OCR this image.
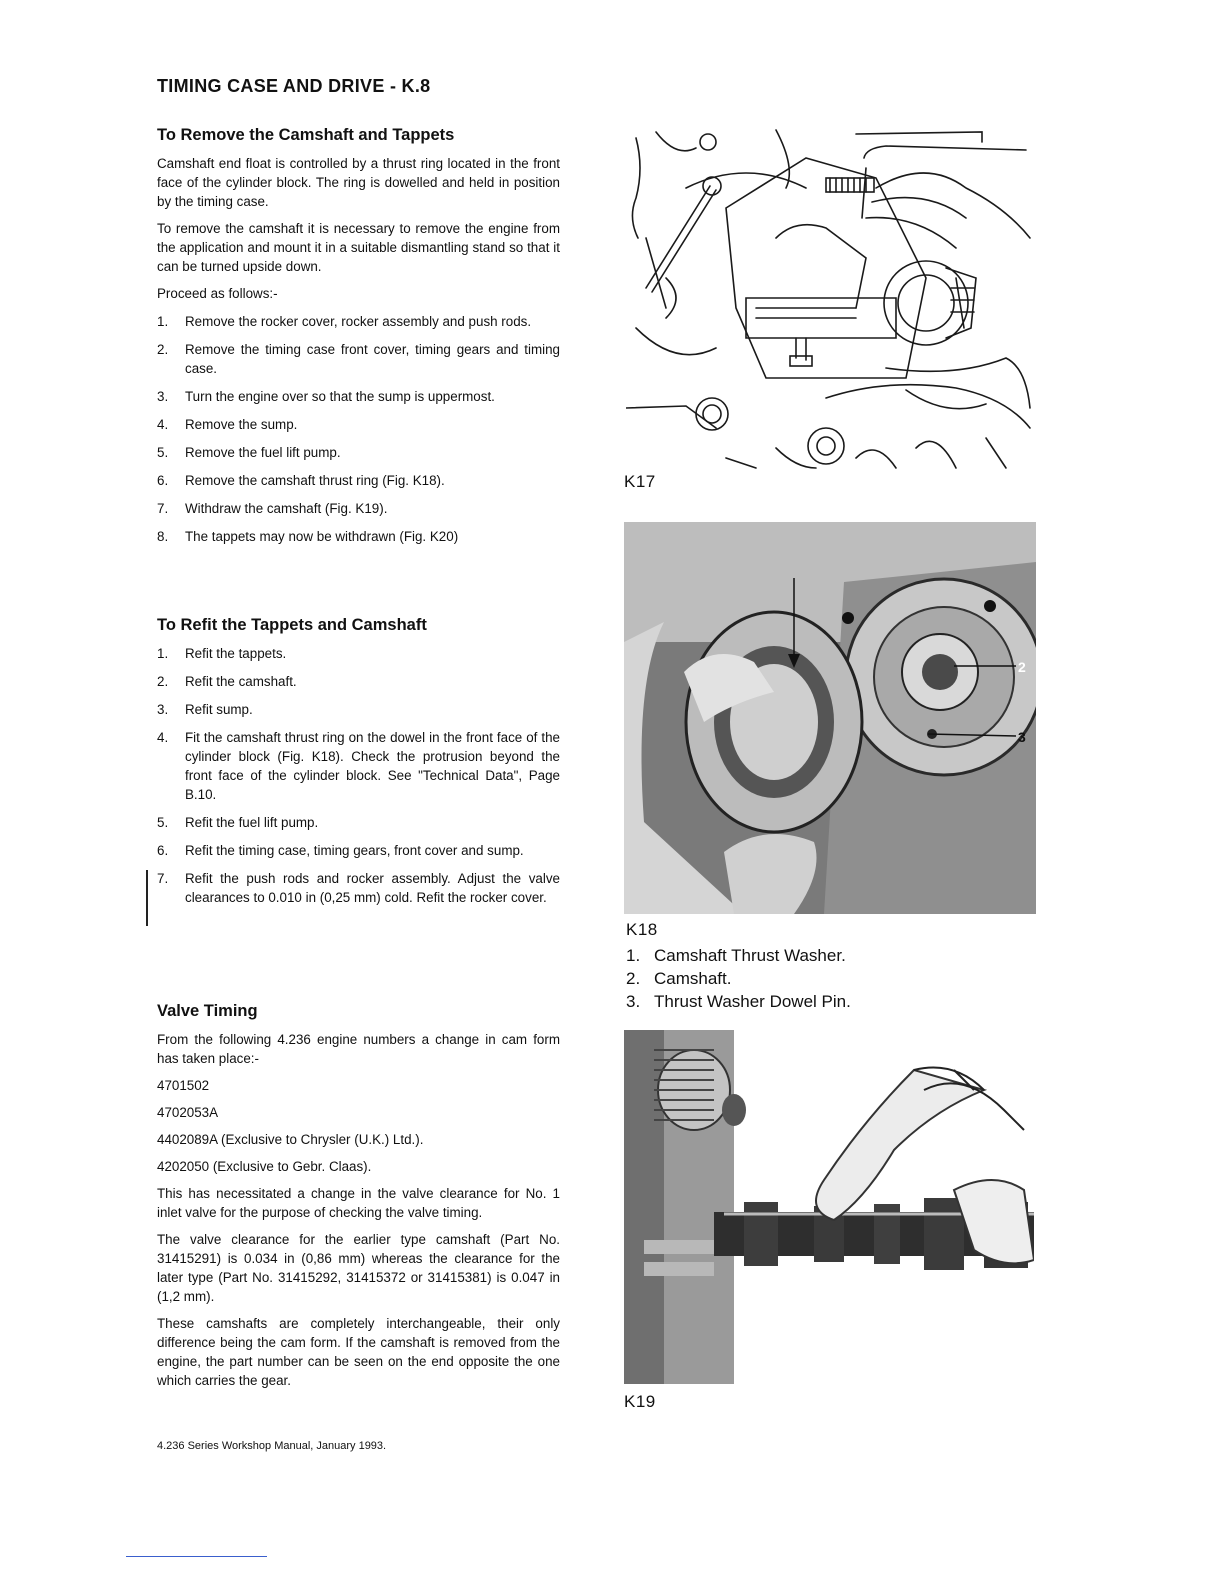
TIMING CASE AND DRIVE - K.8
To Remove the Camshaft and Tappets

Camshaft end float is controlled by a thrust ring located in the front face of the cylinder block. The ring is dowelled and held in position by the timing case.

To remove the camshaft it is necessary to remove the engine from the application and mount it in a suitable dismantling stand so that it can be turned upside down.

Proceed as follows:-

1. Remove the rocker cover, rocker assembly and push rods.
2. Remove the timing case front cover, timing gears and timing case.
3. Turn the engine over so that the sump is uppermost.
4. Remove the sump.
5. Remove the fuel lift pump.
6. Remove the camshaft thrust ring (Fig. K18).
7. Withdraw the camshaft (Fig. K19).
8. The tappets may now be withdrawn (Fig. K20)
To Refit the Tappets and Camshaft
1. Refit the tappets.
2. Refit the camshaft.
3. Refit sump.
4. Fit the camshaft thrust ring on the dowel in the front face of the cylinder block (Fig. K18). Check the protrusion beyond the front face of the cylinder block. See "Technical Data", Page B.10.
5. Refit the fuel lift pump.
6. Refit the timing case, timing gears, front cover and sump.
7. Refit the push rods and rocker assembly. Adjust the valve clearances to 0.010 in (0,25 mm) cold. Refit the rocker cover.
Valve Timing

From the following 4.236 engine numbers a change in cam form has taken place:-

4701502

4702053A

4402089A (Exclusive to Chrysler (U.K.) Ltd.).

4202050 (Exclusive to Gebr. Claas).

This has necessitated a change in the valve clearance for No. 1 inlet valve for the purpose of checking the valve timing.

The valve clearance for the earlier type camshaft (Part No. 31415291) is 0.034 in (0,86 mm) whereas the clearance for the later type (Part No. 31415292, 31415372 or 31415381) is 0.047 in (1,2 mm).

These camshafts are completely interchangeable, their only difference being the cam form. If the camshaft is removed from the engine, the part number can be seen on the end opposite the one which carries the gear.

K17
2
3
K18
1. Camshaft Thrust Washer.
2. Camshaft.
3. Thrust Washer Dowel Pin.
K19
4.236 Series Workshop Manual, January 1993.
